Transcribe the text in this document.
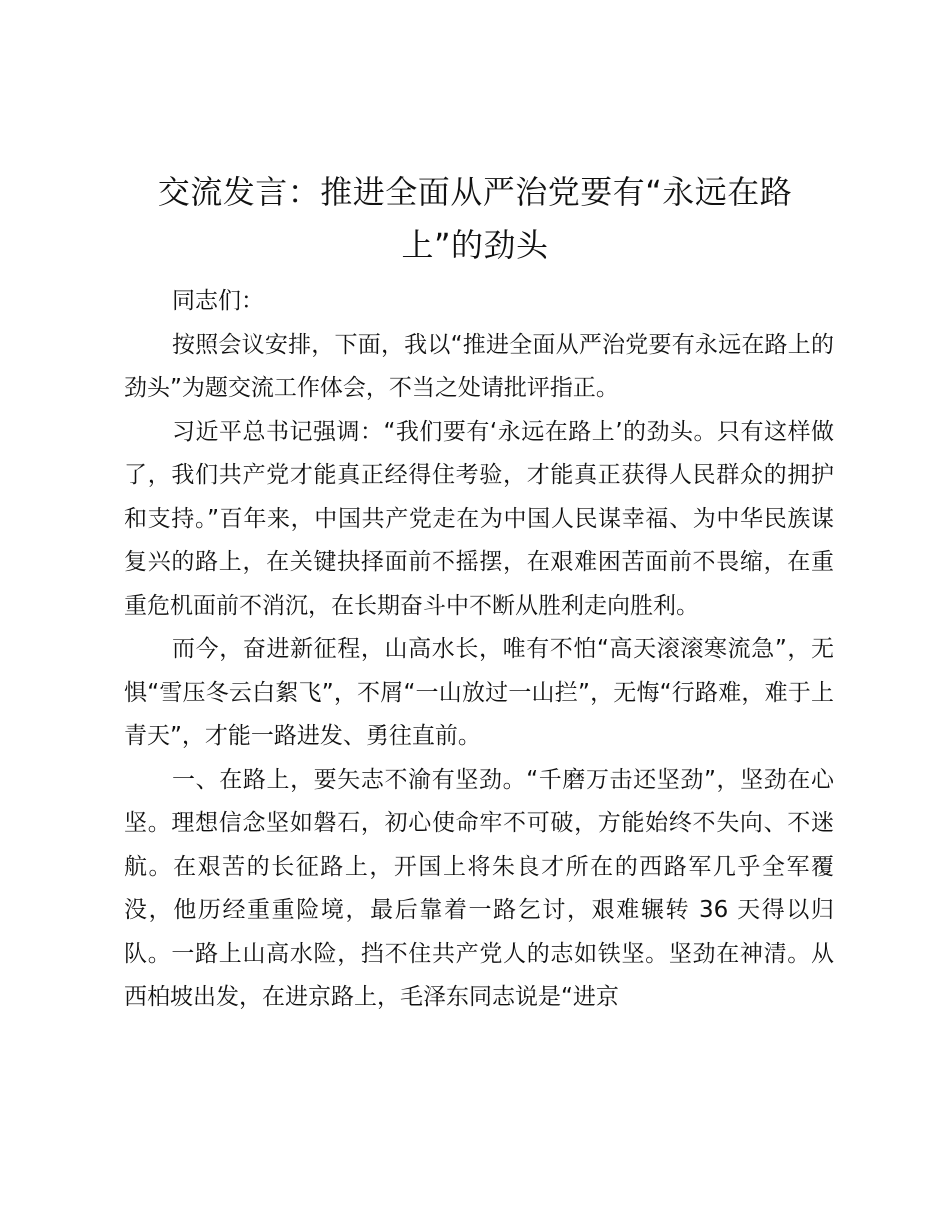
交流发言：推进全面从严治党要有“永远在路上”的劲头

同志们：

按照会议安排，下面，我以“推进全面从严治党要有永远在路上的劲头”为题交流工作体会，不当之处请批评指正。

习近平总书记强调：“我们要有‘永远在路上’的劲头。只有这样做了，我们共产党才能真正经得住考验，才能真正获得人民群众的拥护和支持。”百年来，中国共产党走在为中国人民谋幸福、为中华民族谋复兴的路上，在关键抉择面前不摇摆，在艰难困苦面前不畏缩，在重重危机面前不消沉，在长期奋斗中不断从胜利走向胜利。

而今，奋进新征程，山高水长，唯有不怕“高天滚滚寒流急”，无惧“雪压冬云白絮飞”，不屑“一山放过一山拦”，无悔“行路难，难于上青天”，才能一路进发、勇往直前。

一、在路上，要矢志不渝有坚劲。“千磨万击还坚劲”，坚劲在心坚。理想信念坚如磐石，初心使命牢不可破，方能始终不失向、不迷航。在艰苦的长征路上，开国上将朱良才所在的西路军几乎全军覆没，他历经重重险境，最后靠着一路乞讨，艰难辗转 36 天得以归队。一路上山高水险，挡不住共产党人的志如铁坚。坚劲在神清。从西柏坡出发，在进京路上，毛泽东同志说是“进京
